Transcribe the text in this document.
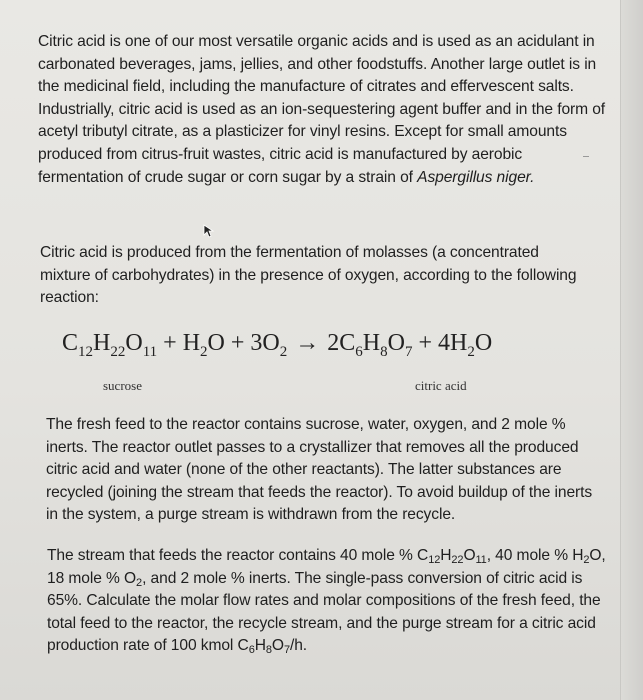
Citric acid is one of our most versatile organic acids and is used as an acidulant in carbonated beverages, jams, jellies, and other foodstuffs. Another large outlet is in the medicinal field, including the manufacture of citrates and effervescent salts. Industrially, citric acid is used as an ion-sequestering agent buffer and in the form of acetyl tributyl citrate, as a plasticizer for vinyl resins. Except for small amounts produced from citrus-fruit wastes, citric acid is manufactured by aerobic fermentation of crude sugar or corn sugar by a strain of Aspergillus niger.

Citric acid is produced from the fermentation of molasses (a concentrated mixture of carbohydrates) in the presence of oxygen, according to the following reaction:

$C_{12}H_{22}O_{11} + H_2O + 3O_2 \to 2C_6H_8O_7 + 4H_2O$
sucrose	citric acid

The fresh feed to the reactor contains sucrose, water, oxygen, and 2 mole % inerts. The reactor outlet passes to a crystallizer that removes all the produced citric acid and water (none of the other reactants). The latter substances are recycled (joining the stream that feeds the reactor). To avoid buildup of the inerts in the system, a purge stream is withdrawn from the recycle.

The stream that feeds the reactor contains 40 mole % $C_{12}H_{22}O_{11}$, 40 mole % $H_2O$, 18 mole % $O_2$, and 2 mole % inerts. The single-pass conversion of citric acid is 65%. Calculate the molar flow rates and molar compositions of the fresh feed, the total feed to the reactor, the recycle stream, and the purge stream for a citric acid production rate of 100 kmol $C_6H_8O_7/h$.
